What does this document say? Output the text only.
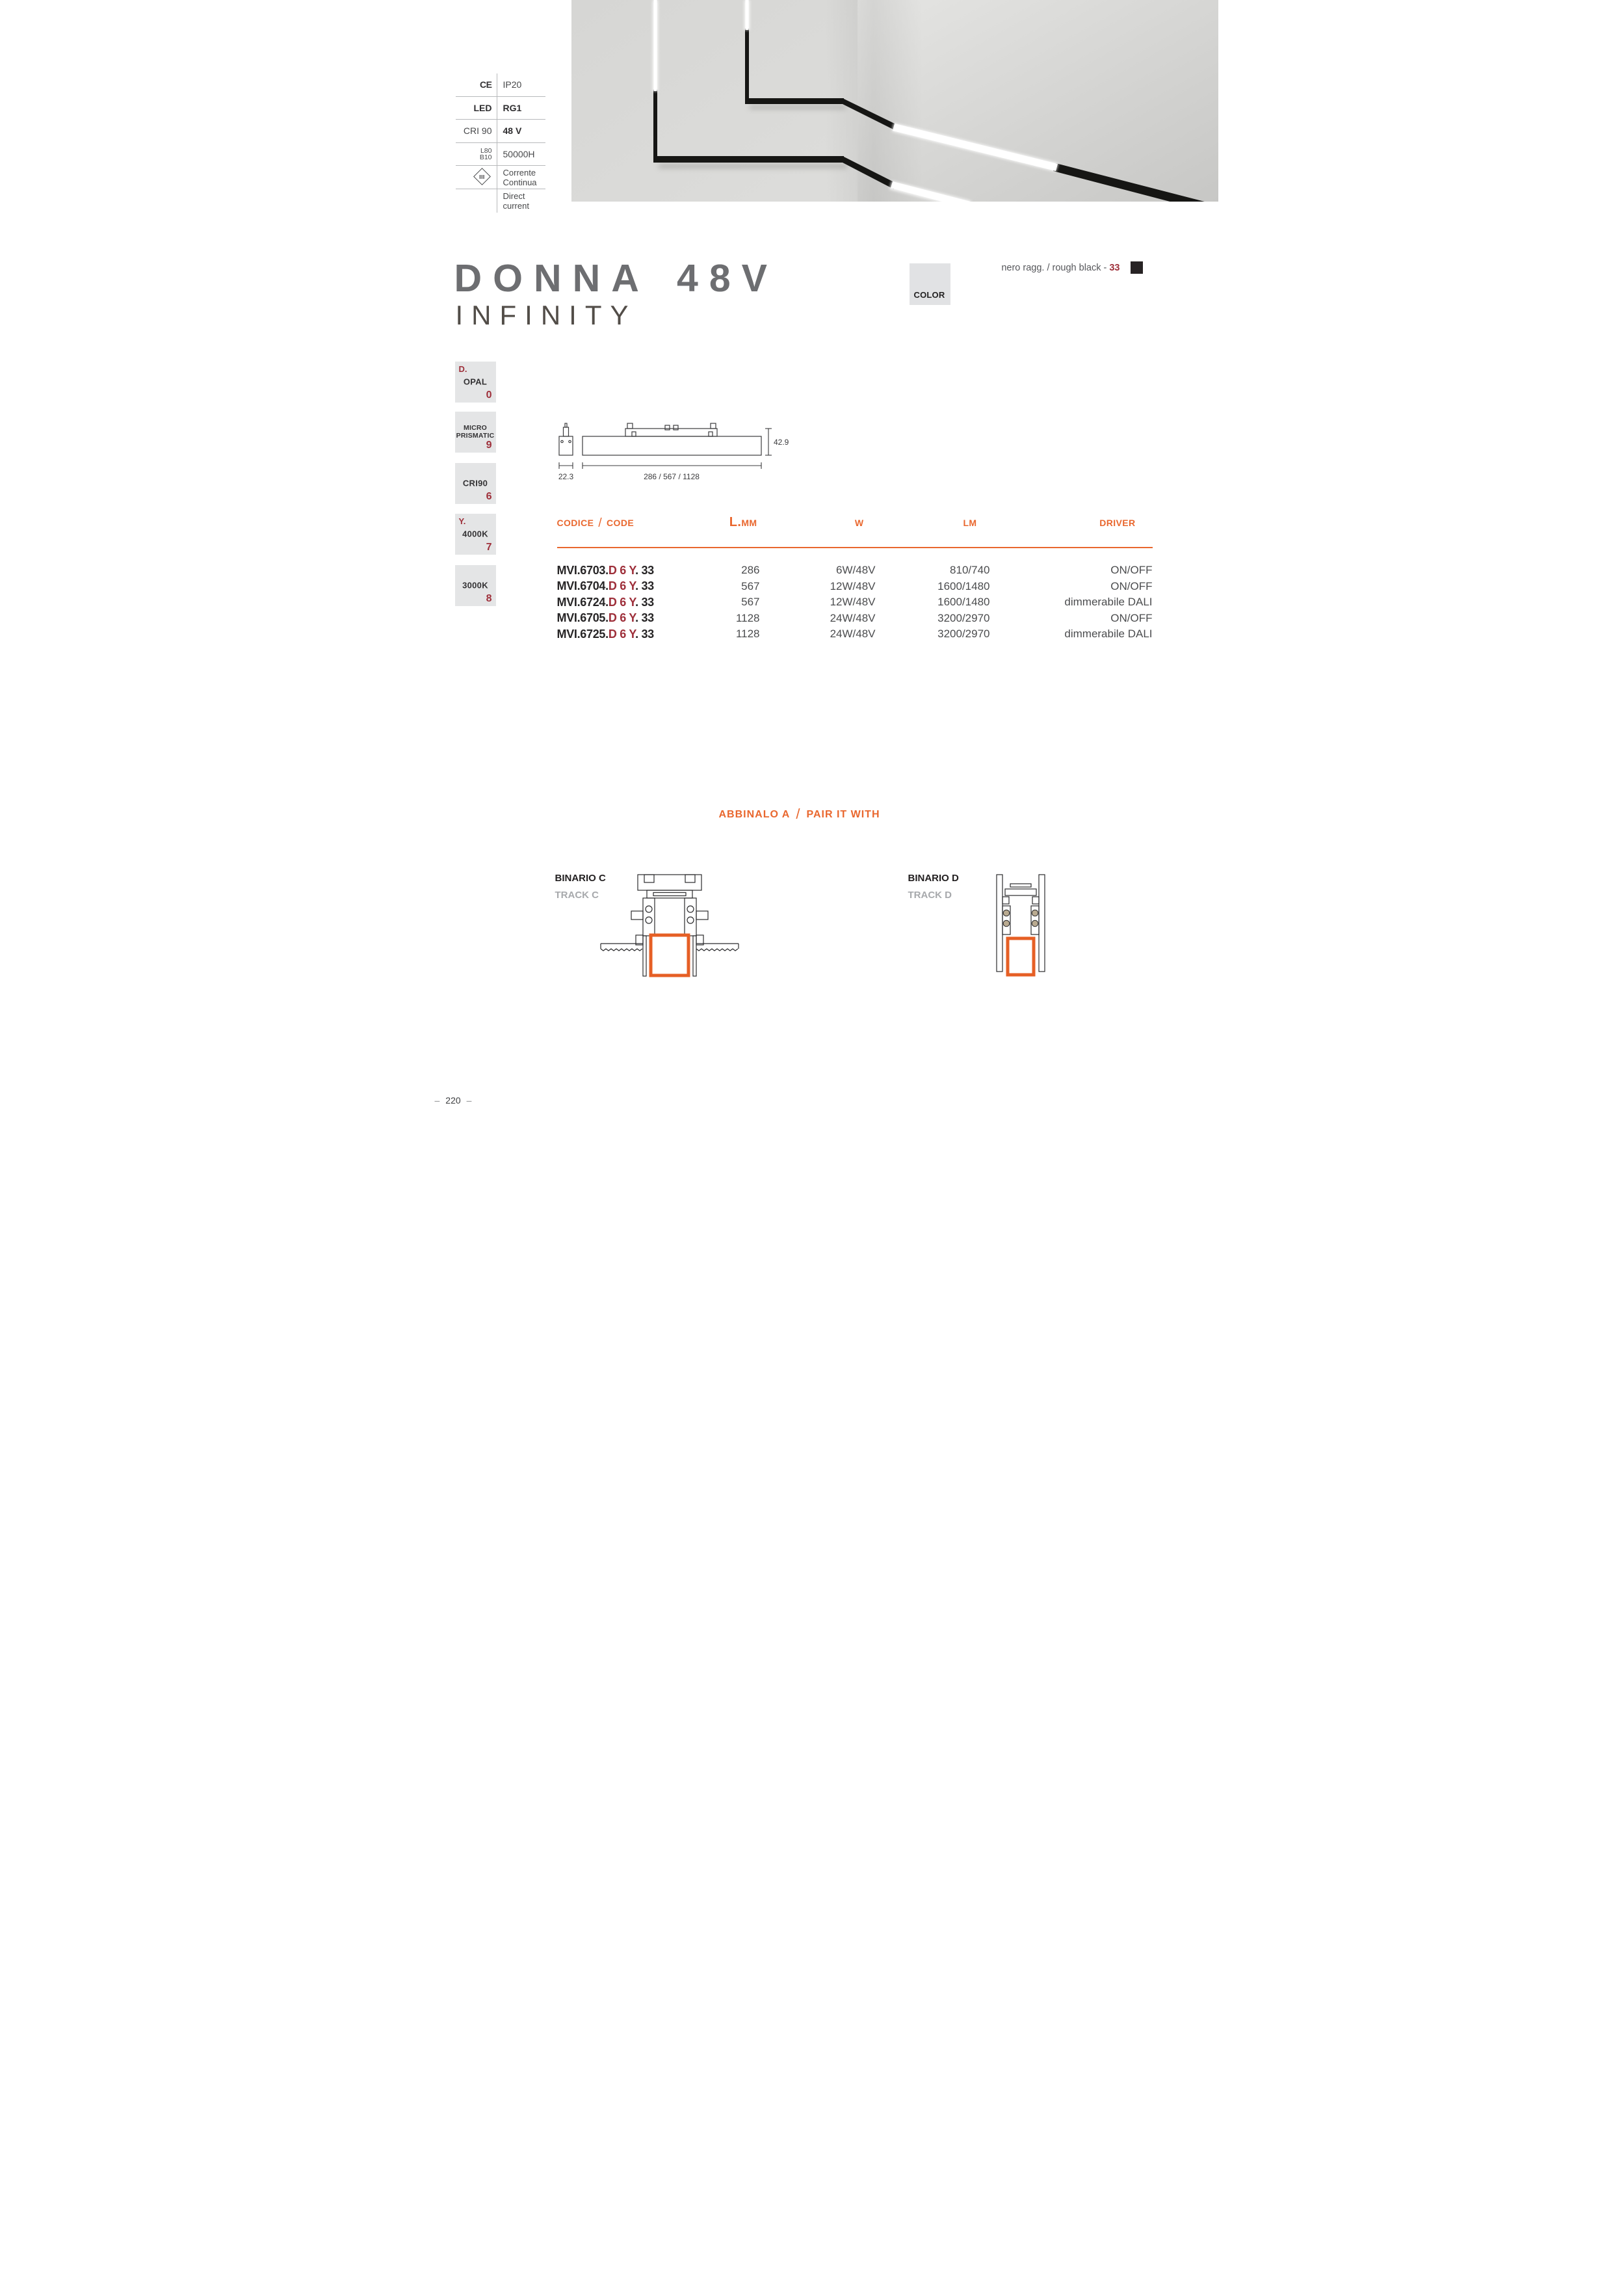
CE	IP20
LED	RG1
CRI 90	48 V
L80
B10	50000H
III	Corrente
Continua
Direct
current
DONNA 48V
INFINITY
COLOR
nero ragg. / rough black - 33
D.
OPAL
0
MICRO
PRISMATIC
9
CRI90
6
Y.
4000K
7
3000K
8
42.9
22.3	286 / 567 / 1128
CODICE / CODE	L.MM	W	LM	DRIVER
MVI.6703.D 6 Y. 33	286	6W/48V	810/740	ON/OFF
MVI.6704.D 6 Y. 33	567	12W/48V	1600/1480	ON/OFF
MVI.6724.D 6 Y. 33	567	12W/48V	1600/1480	dimmerabile DALI
MVI.6705.D 6 Y. 33	1128	24W/48V	3200/2970	ON/OFF
MVI.6725.D 6 Y. 33	1128	24W/48V	3200/2970	dimmerabile DALI
ABBINALO A / PAIR IT WITH
BINARIO C
TRACK C
BINARIO D
TRACK D
– 220 –
